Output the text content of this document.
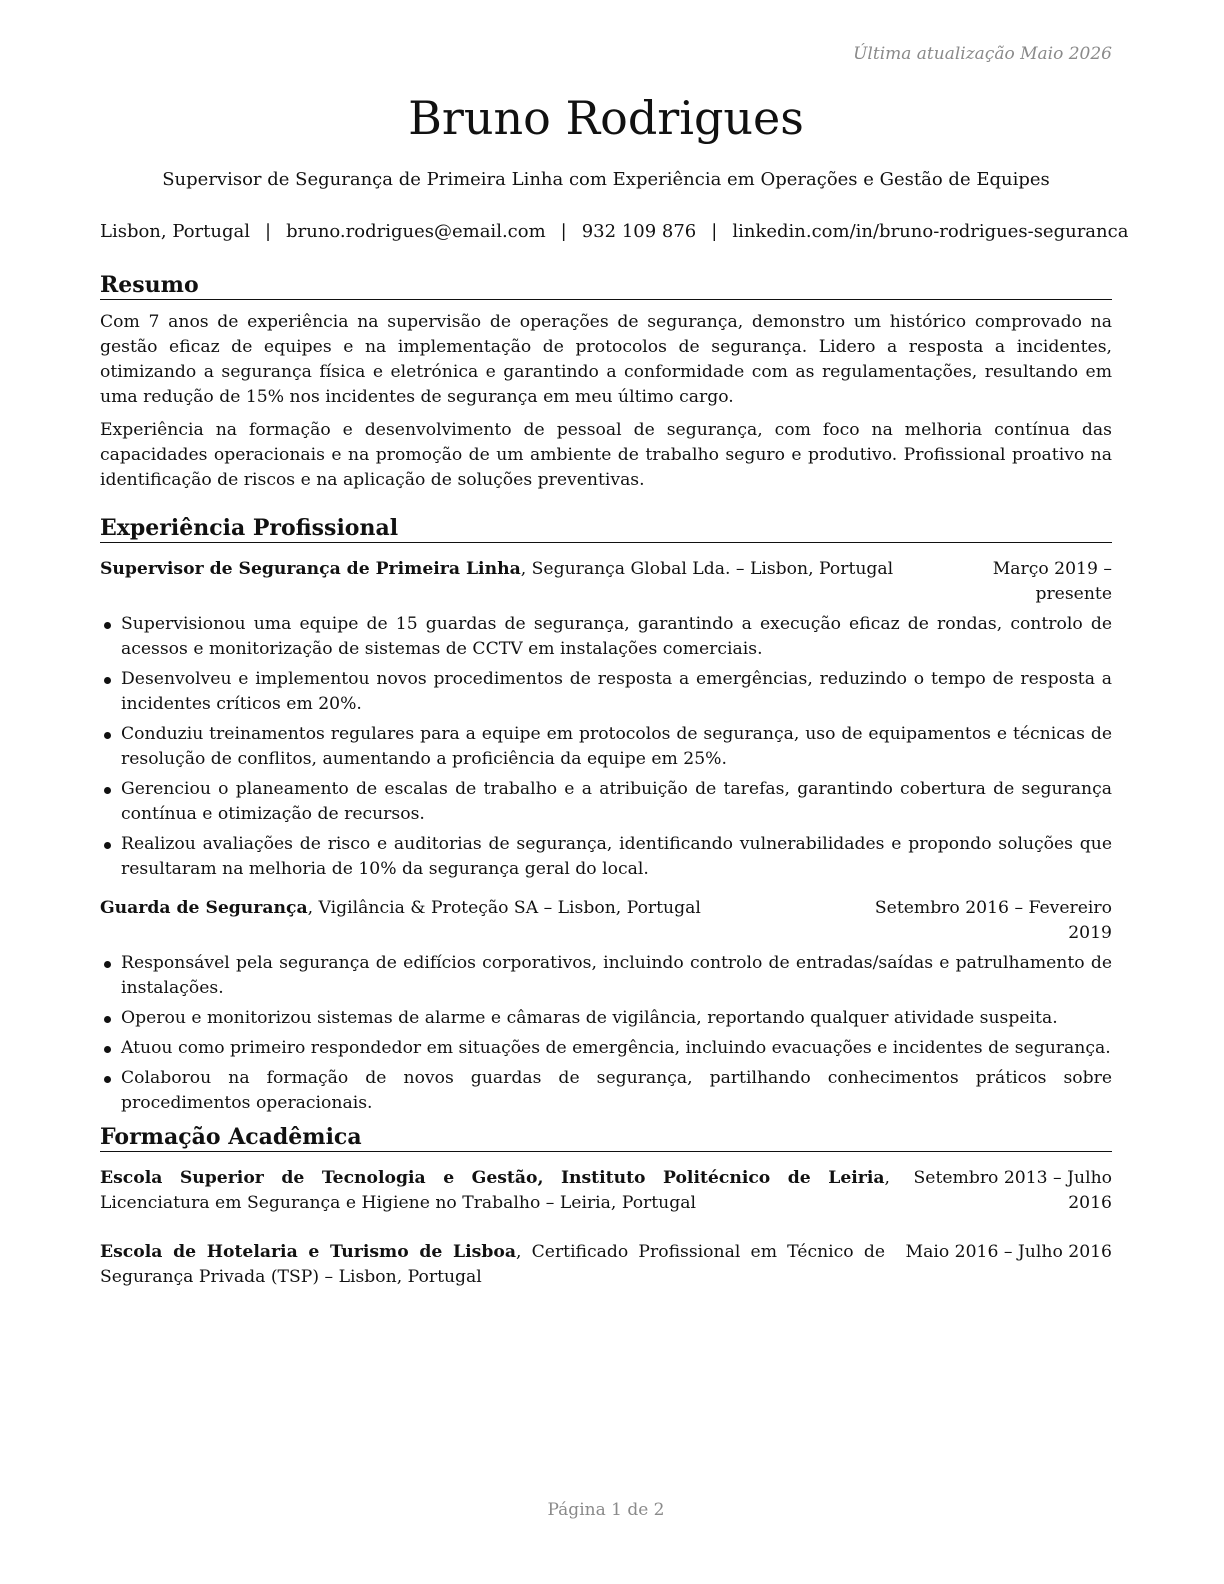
Última atualização Maio 2026
Bruno Rodrigues
Supervisor de Segurança de Primeira Linha com Experiência em Operações e Gestão de Equipes
Lisbon, Portugal | bruno.rodrigues@email.com | 932 109 876 | linkedin.com/in/bruno-rodrigues-seguranca
Resumo

Com 7 anos de experiência na supervisão de operações de segurança, demonstro um histórico comprovado na gestão eficaz de equipes e na implementação de protocolos de segurança. Lidero a resposta a incidentes, otimizando a segurança física e eletrónica e garantindo a conformidade com as regulamentações, resultando em uma redução de 15% nos incidentes de segurança em meu último cargo.

Experiência na formação e desenvolvimento de pessoal de segurança, com foco na melhoria contínua das capacidades operacionais e na promoção de um ambiente de trabalho seguro e produtivo. Profissional proativo na identificação de riscos e na aplicação de soluções preventivas.

Experiência Profissional
Supervisor de Segurança de Primeira Linha, Segurança Global Lda. – Lisbon, Portugal	Março 2019 – presente
Supervisionou uma equipe de 15 guardas de segurança, garantindo a execução eficaz de rondas, controlo de acessos e monitorização de sistemas de CCTV em instalações comerciais.
Desenvolveu e implementou novos procedimentos de resposta a emergências, reduzindo o tempo de resposta a incidentes críticos em 20%.
Conduziu treinamentos regulares para a equipe em protocolos de segurança, uso de equipamentos e técnicas de resolução de conflitos, aumentando a proficiência da equipe em 25%.
Gerenciou o planeamento de escalas de trabalho e a atribuição de tarefas, garantindo cobertura de segurança contínua e otimização de recursos.
Realizou avaliações de risco e auditorias de segurança, identificando vulnerabilidades e propondo soluções que resultaram na melhoria de 10% da segurança geral do local.
Guarda de Segurança, Vigilância & Proteção SA – Lisbon, Portugal	Setembro 2016 – Fevereiro 2019
Responsável pela segurança de edifícios corporativos, incluindo controlo de entradas/saídas e patrulhamento de instalações.
Operou e monitorizou sistemas de alarme e câmaras de vigilância, reportando qualquer atividade suspeita.
Atuou como primeiro respondedor em situações de emergência, incluindo evacuações e incidentes de segurança.
Colaborou na formação de novos guardas de segurança, partilhando conhecimentos práticos sobre procedimentos operacionais.
Formação Acadêmica
Escola Superior de Tecnologia e Gestão, Instituto Politécnico de Leiria, Licenciatura em Segurança e Higiene no Trabalho – Leiria, Portugal
Setembro 2013 – Julho 2016
Escola de Hotelaria e Turismo de Lisboa, Certificado Profissional em Técnico de Segurança Privada (TSP) – Lisbon, Portugal
Maio 2016 – Julho 2016
Página 1 de 2
